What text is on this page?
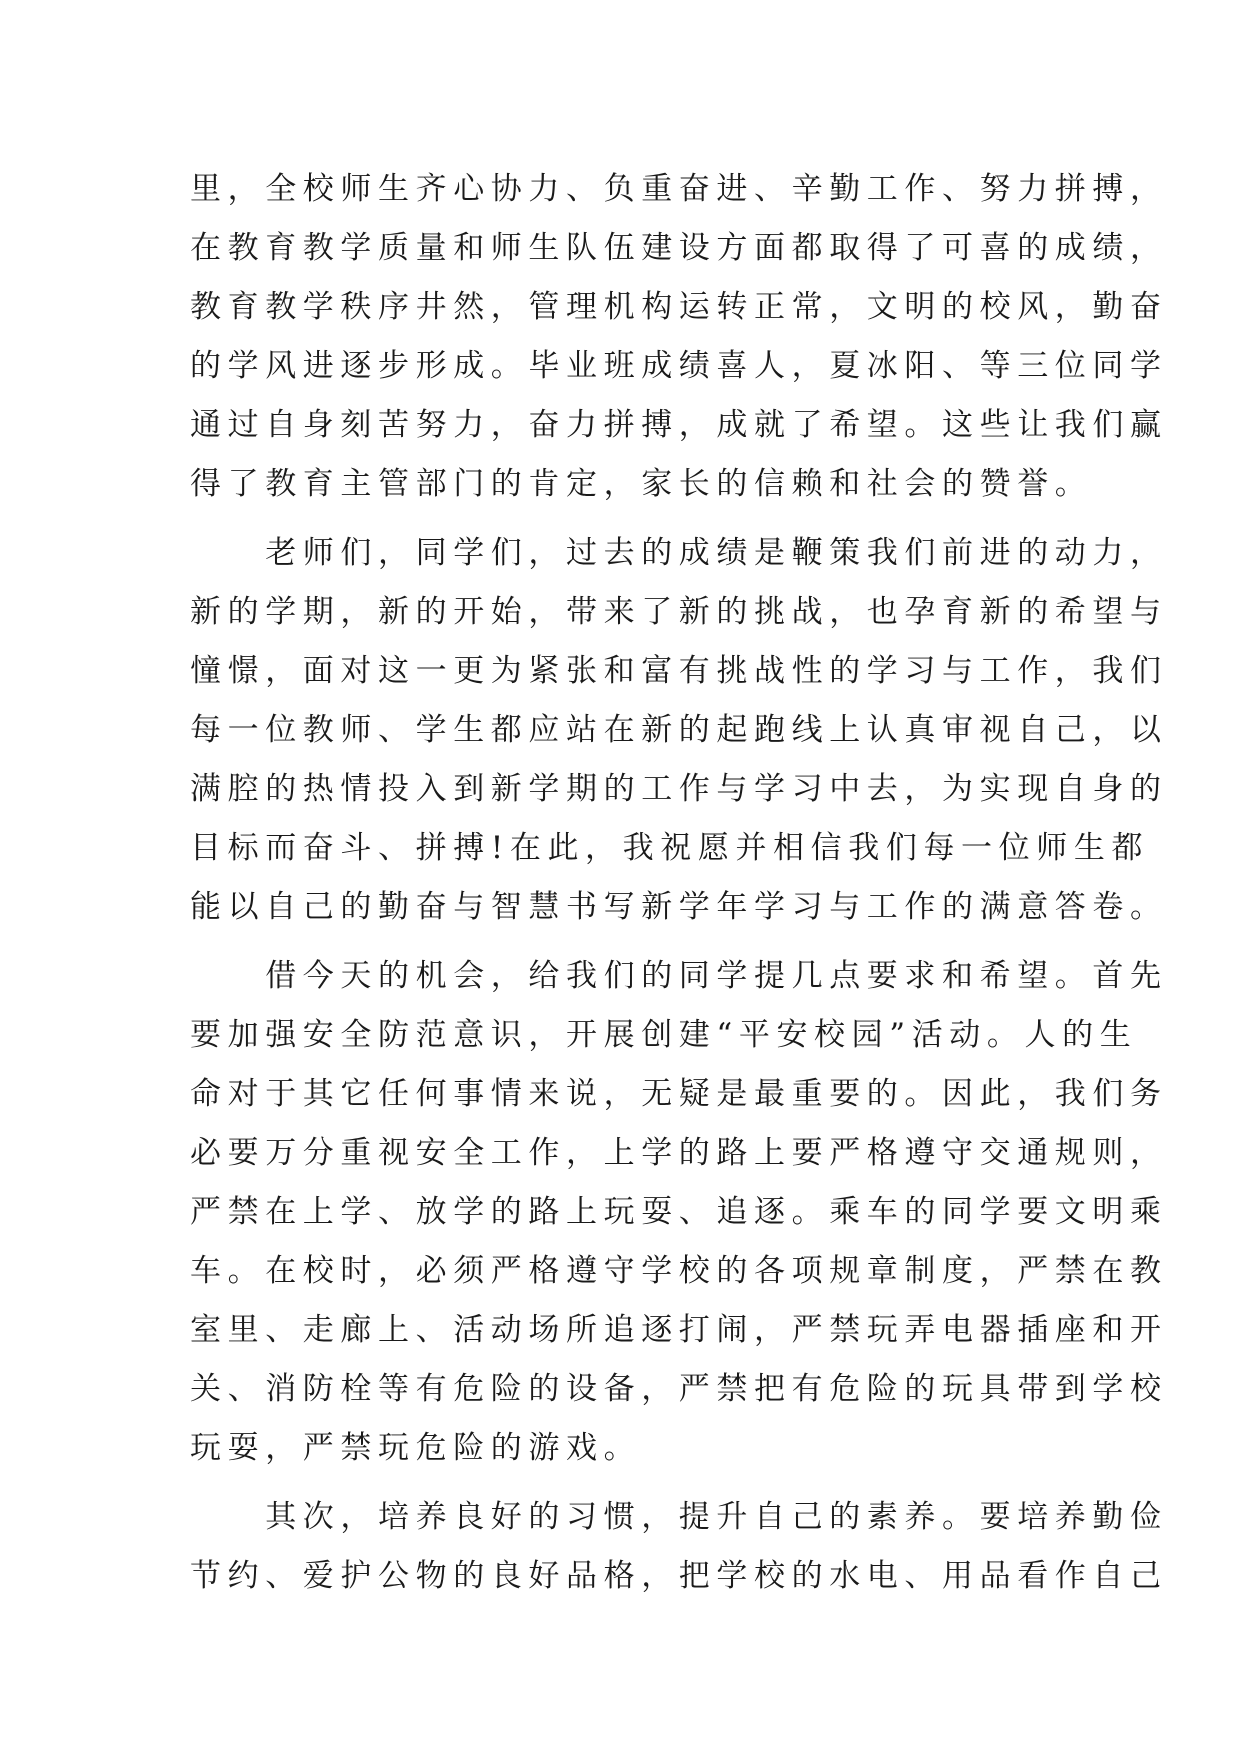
里，全校师生齐心协力、负重奋进、辛勤工作、努力拼搏，
在教育教学质量和师生队伍建设方面都取得了可喜的成绩，
教育教学秩序井然，管理机构运转正常，文明的校风，勤奋
的学风进逐步形成。毕业班成绩喜人，夏冰阳、等三位同学
通过自身刻苦努力，奋力拼搏，成就了希望。这些让我们赢
得了教育主管部门的肯定，家长的信赖和社会的赞誉。
　　老师们，同学们，过去的成绩是鞭策我们前进的动力，
新的学期，新的开始，带来了新的挑战，也孕育新的希望与
憧憬，面对这一更为紧张和富有挑战性的学习与工作，我们
每一位教师、学生都应站在新的起跑线上认真审视自己，以
满腔的热情投入到新学期的工作与学习中去，为实现自身的
目标而奋斗、拼搏!在此，我祝愿并相信我们每一位师生都
能以自己的勤奋与智慧书写新学年学习与工作的满意答卷。
　　借今天的机会，给我们的同学提几点要求和希望。首先
要加强安全防范意识，开展创建“平安校园”活动。人的生
命对于其它任何事情来说，无疑是最重要的。因此，我们务
必要万分重视安全工作，上学的路上要严格遵守交通规则，
严禁在上学、放学的路上玩耍、追逐。乘车的同学要文明乘
车。在校时，必须严格遵守学校的各项规章制度，严禁在教
室里、走廊上、活动场所追逐打闹，严禁玩弄电器插座和开
关、消防栓等有危险的设备，严禁把有危险的玩具带到学校
玩耍，严禁玩危险的游戏。
　　其次，培养良好的习惯，提升自己的素养。要培养勤俭
节约、爱护公物的良好品格，把学校的水电、用品看作自己
